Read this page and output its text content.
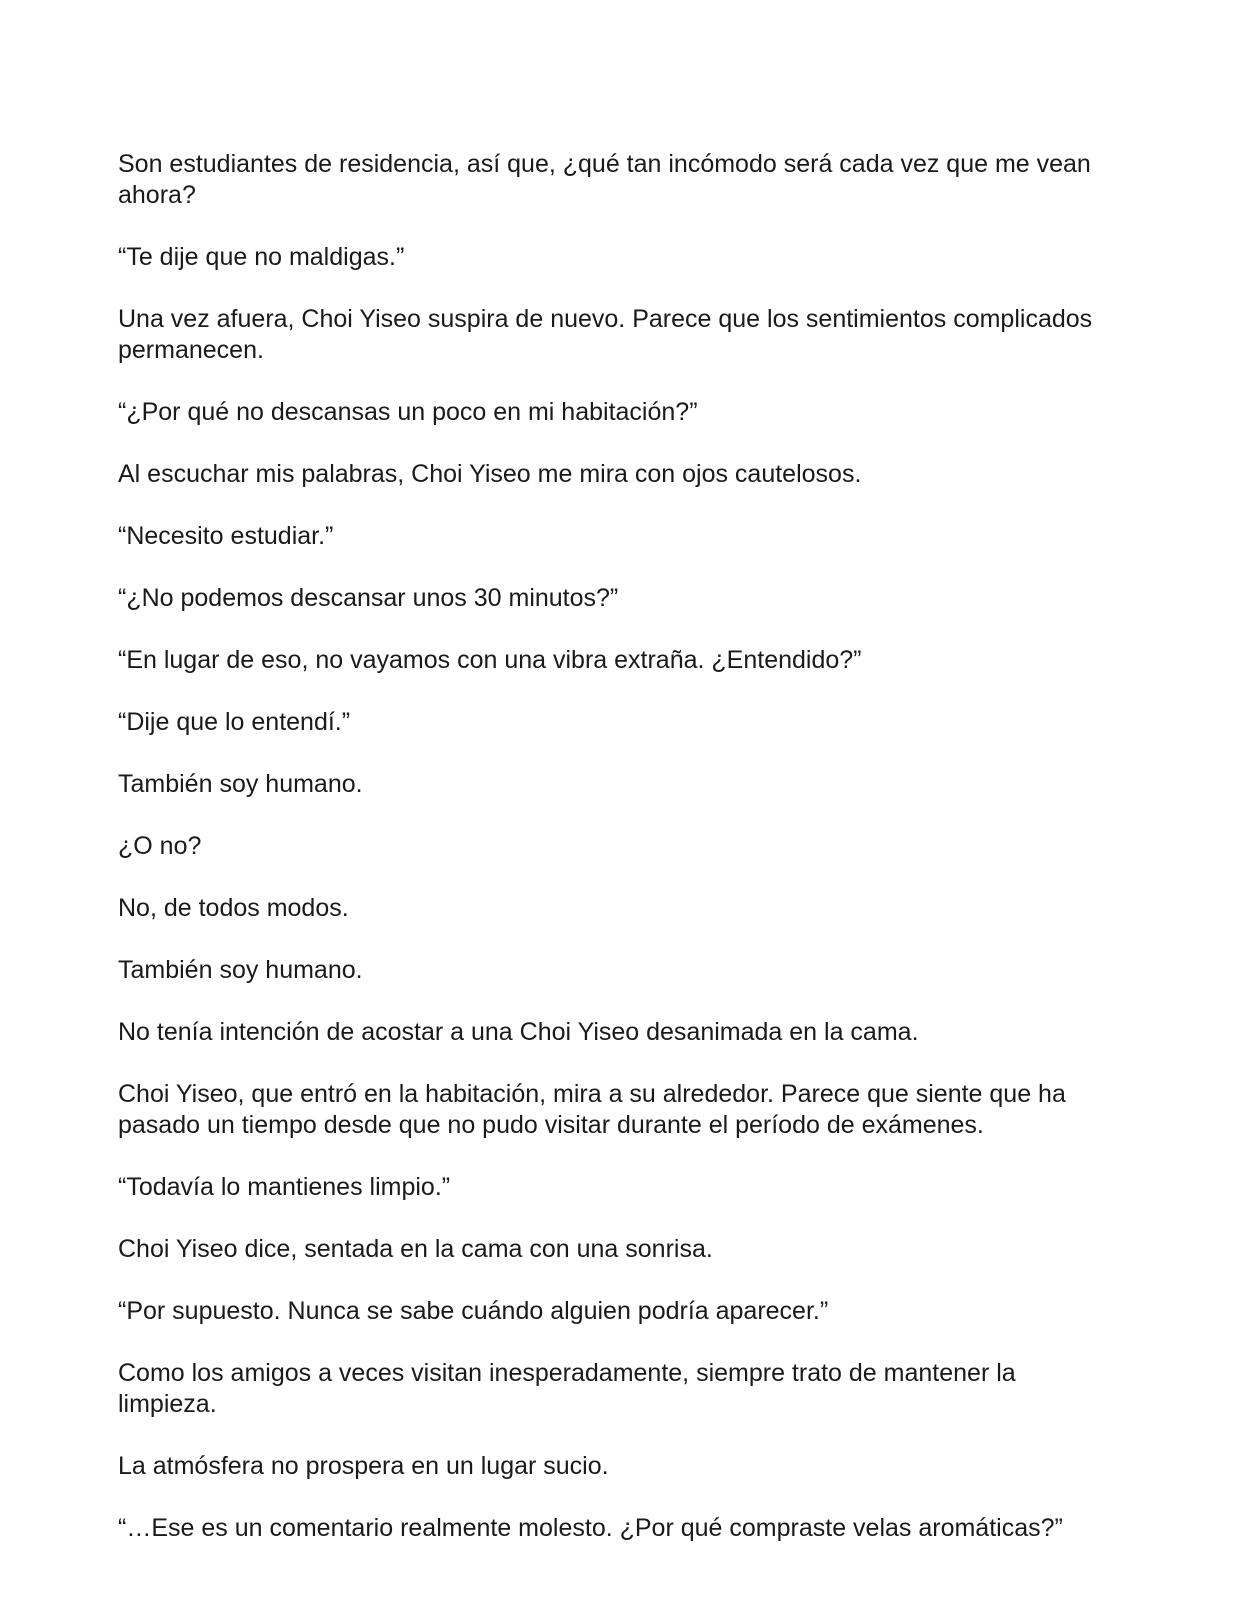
Son estudiantes de residencia, así que, ¿qué tan incómodo será cada vez que me vean ahora?

“Te dije que no maldigas.”

Una vez afuera, Choi Yiseo suspira de nuevo. Parece que los sentimientos complicados permanecen.

“¿Por qué no descansas un poco en mi habitación?”

Al escuchar mis palabras, Choi Yiseo me mira con ojos cautelosos.

“Necesito estudiar.”

“¿No podemos descansar unos 30 minutos?”

“En lugar de eso, no vayamos con una vibra extraña. ¿Entendido?”

“Dije que lo entendí.”

También soy humano.

¿O no?

No, de todos modos.

También soy humano.

No tenía intención de acostar a una Choi Yiseo desanimada en la cama.

Choi Yiseo, que entró en la habitación, mira a su alrededor. Parece que siente que ha pasado un tiempo desde que no pudo visitar durante el período de exámenes.

“Todavía lo mantienes limpio.”

Choi Yiseo dice, sentada en la cama con una sonrisa.

“Por supuesto. Nunca se sabe cuándo alguien podría aparecer.”

Como los amigos a veces visitan inesperadamente, siempre trato de mantener la limpieza.

La atmósfera no prospera en un lugar sucio.

“…Ese es un comentario realmente molesto. ¿Por qué compraste velas aromáticas?”
